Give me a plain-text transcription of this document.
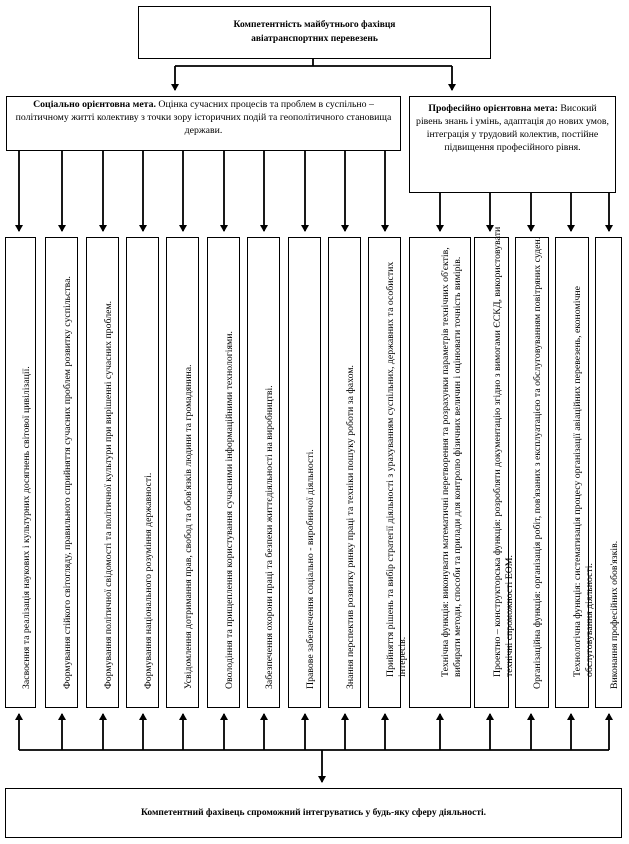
Компетентність майбутнього фахівця
авіатранспортних перевезень
Соціально орієнтовна мета. Оцінка сучасних процесів та проблем в суспільно – політичному житті колективу з точки зору історичних подій та геополітичного становища держави.
Професійно орієнтовна мета: Високий рівень знань і умінь, адаптація до нових умов, інтеграція у трудовий колектив, постійне підвищення професійного рівня.
Засвоєння та реалізація наукових і культурних досягнень світової цивілізації.	Формування стійкого світогляду, правильного сприйняття сучасних проблем розвитку суспільства.	Формування політичної свідомості та політичної культури при вирішенні сучасних проблем.	Формування національного розуміння державності.	Усвідомлення дотримання прав, свобод та обов'язків людини та громадянина.	Оволодіння та прищеплення користування сучасними інформаційними технологіями.	Забезпечення охорони праці та безпеки життєдіяльності на виробництві.	Правове забезпечення соціально - виробничої діяльності.	Знання перспектив розвитку ринку праці та техніки пошуку роботи за фахом.	Прийняття рішень та вибір стратегії діяльності з урахуванням суспільних, державних та особистих інтересів.	Технічна функція: виконувати математичні перетворення та розрахунки параметрів технічних об'єктів, вибирати методи, способи та прилади для контролю фізичних величин і оцінювати точність вимірів.	Проектно – конструкторська функція: розробляти документацію згідно з вимогами ЄСКД, використовувати технічні спроможності ЕОМ. Організаційна функція: організація робіт, пов'язаних з експлуатацією та обслуговуванням повітряних суден.	Технологічна функція: систематизація процесу організації авіаційних перевезень, економічне обслуговування діяльності. Виконання професійних обов'язків.
Компетентний фахівець спроможний інтегруватись у будь-яку сферу діяльності.
